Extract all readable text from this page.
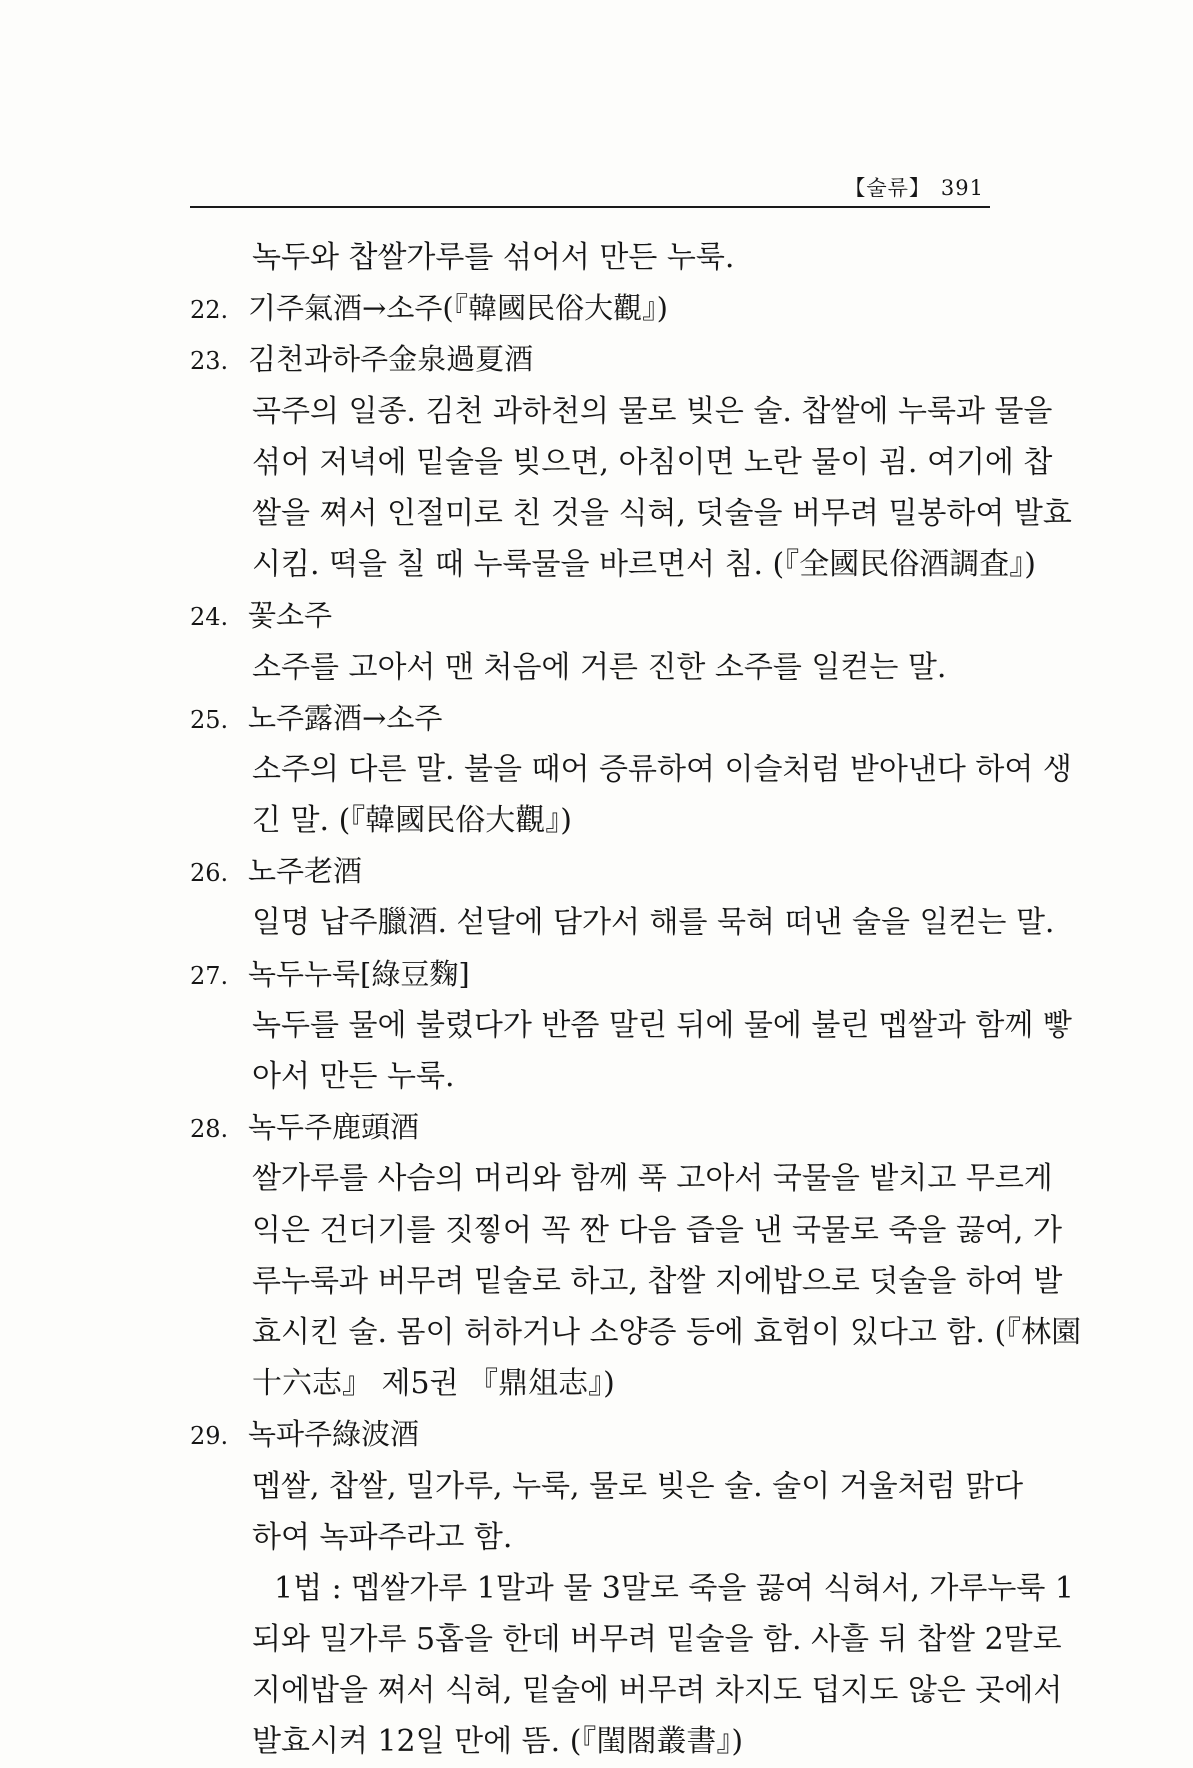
【술류】 391
녹두와 찹쌀가루를 섞어서 만든 누룩.
22. 기주氣酒→소주(『韓國民俗大觀』)
23. 김천과하주金泉過夏酒
곡주의 일종. 김천 과하천의 물로 빚은 술. 찹쌀에 누룩과 물을
섞어 저녁에 밑술을 빚으면, 아침이면 노란 물이 굄. 여기에 찹
쌀을 쪄서 인절미로 친 것을 식혀, 덧술을 버무려 밀봉하여 발효
시킴. 떡을 칠 때 누룩물을 바르면서 침. (『全國民俗酒調査』)
24. 꽃소주
소주를 고아서 맨 처음에 거른 진한 소주를 일컫는 말.
25. 노주露酒→소주
소주의 다른 말. 불을 때어 증류하여 이슬처럼 받아낸다 하여 생
긴 말. (『韓國民俗大觀』)
26. 노주老酒
일명 납주臘酒. 섣달에 담가서 해를 묵혀 떠낸 술을 일컫는 말.
27. 녹두누룩[綠豆麴]
녹두를 물에 불렸다가 반쯤 말린 뒤에 물에 불린 멥쌀과 함께 빻
아서 만든 누룩.
28. 녹두주鹿頭酒
쌀가루를 사슴의 머리와 함께 푹 고아서 국물을 밭치고 무르게
익은 건더기를 짓찧어 꼭 짠 다음 즙을 낸 국물로 죽을 끓여, 가
루누룩과 버무려 밑술로 하고, 찹쌀 지에밥으로 덧술을 하여 발
효시킨 술. 몸이 허하거나 소양증 등에 효험이 있다고 함. (『林園
十六志』 제5권 『鼎俎志』)
29. 녹파주綠波酒
멥쌀, 찹쌀, 밀가루, 누룩, 물로 빚은 술. 술이 거울처럼 맑다
하여 녹파주라고 함.
1법 : 멥쌀가루 1말과 물 3말로 죽을 끓여 식혀서, 가루누룩 1
되와 밀가루 5홉을 한데 버무려 밑술을 함. 사흘 뒤 찹쌀 2말로
지에밥을 쪄서 식혀, 밑술에 버무려 차지도 덥지도 않은 곳에서
발효시켜 12일 만에 뜸. (『閨閤叢書』)
